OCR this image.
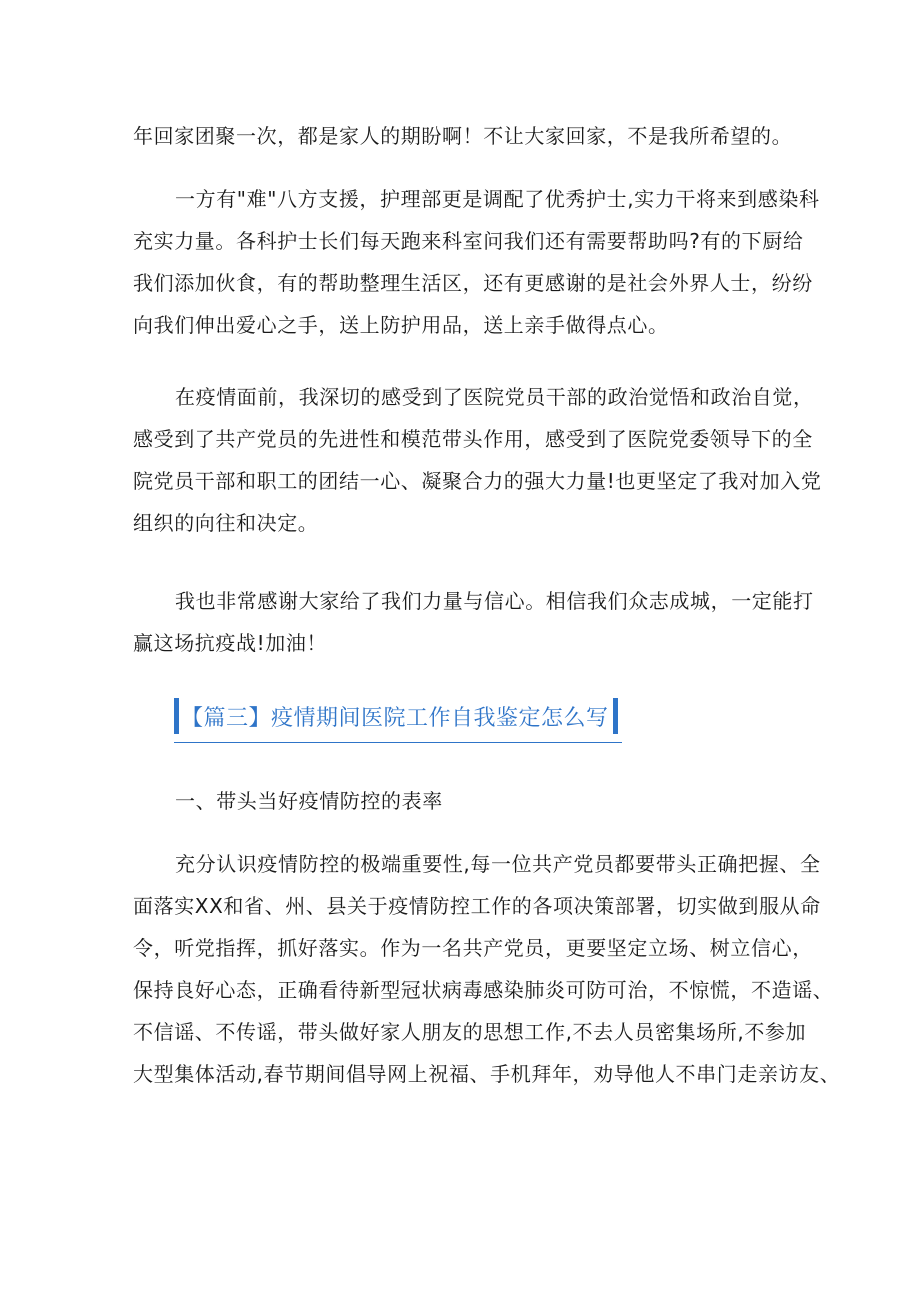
年回家团聚一次，都是家人的期盼啊！不让大家回家，不是我所希望的。

一方有"难"八方支援，护理部更是调配了优秀护士,实力干将来到感染科
充实力量。各科护士长们每天跑来科室问我们还有需要帮助吗?有的下厨给
我们添加伙食，有的帮助整理生活区，还有更感谢的是社会外界人士，纷纷
向我们伸出爱心之手，送上防护用品，送上亲手做得点心。

在疫情面前，我深切的感受到了医院党员干部的政治觉悟和政治自觉，
感受到了共产党员的先进性和模范带头作用，感受到了医院党委领导下的全
院党员干部和职工的团结一心、凝聚合力的强大力量!也更坚定了我对加入党
组织的向往和决定。

我也非常感谢大家给了我们力量与信心。相信我们众志成城，一定能打
赢这场抗疫战!加油！

【篇三】疫情期间医院工作自我鉴定怎么写

一、带头当好疫情防控的表率

充分认识疫情防控的极端重要性,每一位共产党员都要带头正确把握、全
面落实XX和省、州、县关于疫情防控工作的各项决策部署，切实做到服从命
令，听党指挥，抓好落实。作为一名共产党员，更要坚定立场、树立信心，
保持良好心态，正确看待新型冠状病毒感染肺炎可防可治，不惊慌，不造谣、
不信谣、不传谣，带头做好家人朋友的思想工作,不去人员密集场所,不参加
大型集体活动,春节期间倡导网上祝福、手机拜年，劝导他人不串门走亲访友、
